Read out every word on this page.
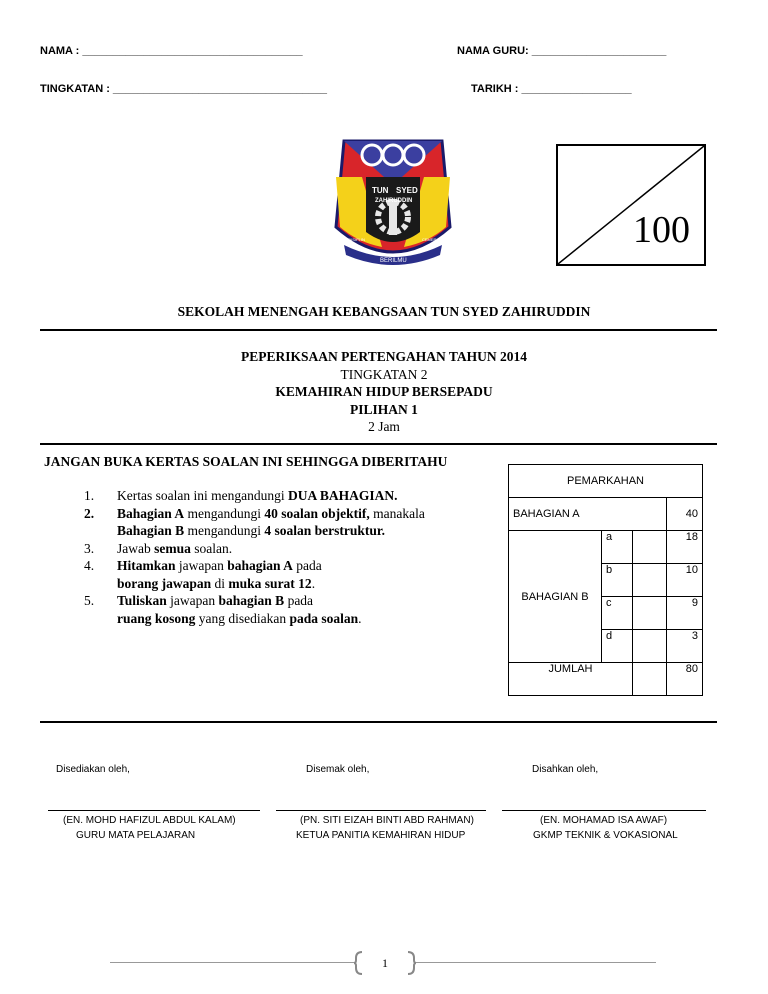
NAMA : ____________________________________	NAMA GURU: ______________________
TINGKATAN : ___________________________________	TARIKH : __________________
TUN SYED
ZAHIRUDDIN
BERILMU
BERDISIPLIN	CEMERLANG	100
SEKOLAH MENENGAH KEBANGSAAN TUN SYED ZAHIRUDDIN
PEPERIKSAAN PERTENGAHAN TAHUN 2014
TINGKATAN 2
KEMAHIRAN HIDUP BERSEPADU
PILIHAN 1
2 Jam
JANGAN BUKA KERTAS SOALAN INI SEHINGGA DIBERITAHU
1.
2.
3.
4.
5.
Kertas soalan ini mengandungi DUA BAHAGIAN.
Bahagian A mengandungi 40 soalan objektif, manakala
Bahagian B mengandungi 4 soalan berstruktur.
Jawab semua soalan.
Hitamkan jawapan bahagian A pada
borang jawapan di muka surat 12.
Tuliskan jawapan bahagian B pada
ruang kosong yang disediakan pada soalan.
PEMARKAHAN			
BAHAGIAN A			40
BAHAGIAN B	a		18
	b		10
	c		9
	d		3
JUMLAH			80
Disediakan oleh,	Disemak oleh,	Disahkan oleh,
(EN. MOHD HAFIZUL ABDUL KALAM)	(PN. SITI EIZAH BINTI ABD RAHMAN)	(EN. MOHAMAD ISA AWAF)
GURU MATA PELAJARAN	KETUA PANITIA KEMAHIRAN HIDUP	GKMP TEKNIK & VOKASIONAL
1
